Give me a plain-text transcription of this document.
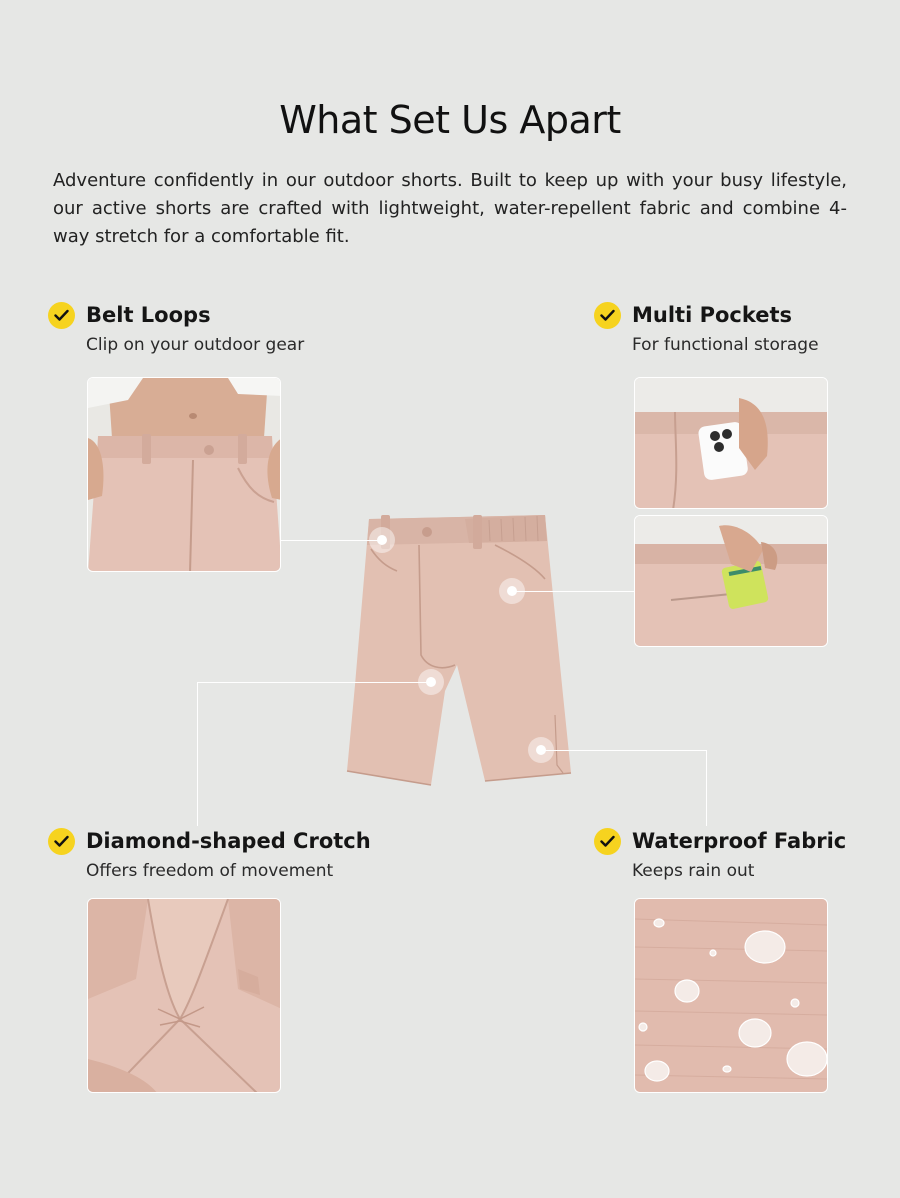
What Set Us Apart

Adventure confidently in our outdoor shorts. Built to keep up with your busy lifestyle, our active shorts are crafted with lightweight, water-repellent fabric and combine 4-way stretch for a comfortable fit.

Belt Loops
Clip on your outdoor gear
Multi Pockets
For functional storage
Diamond-shaped Crotch
Offers freedom of movement
Waterproof Fabric
Keeps rain out
